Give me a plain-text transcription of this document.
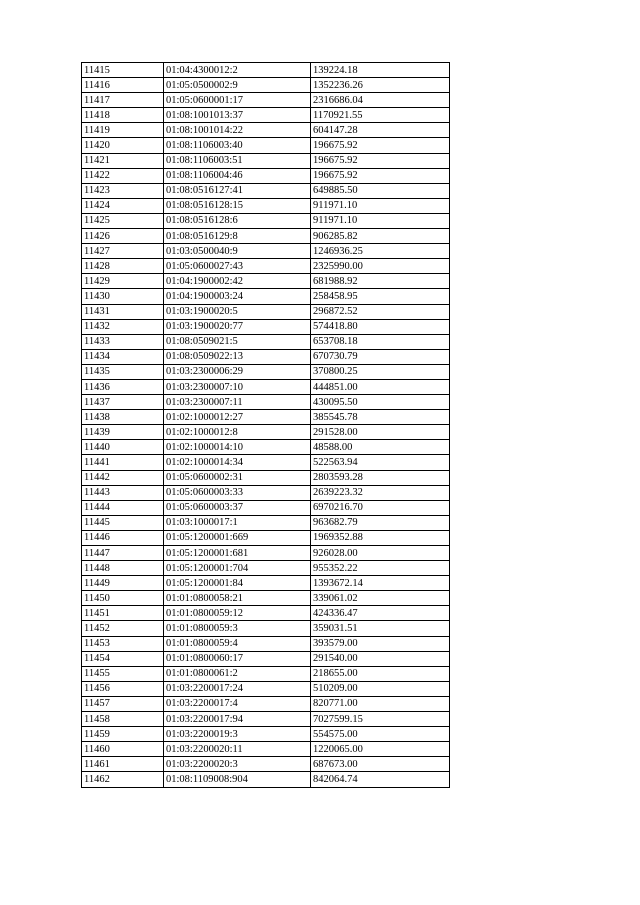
11415	01:04:4300012:2	139224.18
11416	01:05:0500002:9	1352236.26
11417	01:05:0600001:17	2316686.04
11418	01:08:1001013:37	1170921.55
11419	01:08:1001014:22	604147.28
11420	01:08:1106003:40	196675.92
11421	01:08:1106003:51	196675.92
11422	01:08:1106004:46	196675.92
11423	01:08:0516127:41	649885.50
11424	01:08:0516128:15	911971.10
11425	01:08:0516128:6	911971.10
11426	01:08:0516129:8	906285.82
11427	01:03:0500040:9	1246936.25
11428	01:05:0600027:43	2325990.00
11429	01:04:1900002:42	681988.92
11430	01:04:1900003:24	258458.95
11431	01:03:1900020:5	296872.52
11432	01:03:1900020:77	574418.80
11433	01:08:0509021:5	653708.18
11434	01:08:0509022:13	670730.79
11435	01:03:2300006:29	370800.25
11436	01:03:2300007:10	444851.00
11437	01:03:2300007:11	430095.50
11438	01:02:1000012:27	385545.78
11439	01:02:1000012:8	291528.00
11440	01:02:1000014:10	48588.00
11441	01:02:1000014:34	522563.94
11442	01:05:0600002:31	2803593.28
11443	01:05:0600003:33	2639223.32
11444	01:05:0600003:37	6970216.70
11445	01:03:1000017:1	963682.79
11446	01:05:1200001:669	1969352.88
11447	01:05:1200001:681	926028.00
11448	01:05:1200001:704	955352.22
11449	01:05:1200001:84	1393672.14
11450	01:01:0800058:21	339061.02
11451	01:01:0800059:12	424336.47
11452	01:01:0800059:3	359031.51
11453	01:01:0800059:4	393579.00
11454	01:01:0800060:17	291540.00
11455	01:01:0800061:2	218655.00
11456	01:03:2200017:24	510209.00
11457	01:03:2200017:4	820771.00
11458	01:03:2200017:94	7027599.15
11459	01:03:2200019:3	554575.00
11460	01:03:2200020:11	1220065.00
11461	01:03:2200020:3	687673.00
11462	01:08:1109008:904	842064.74
